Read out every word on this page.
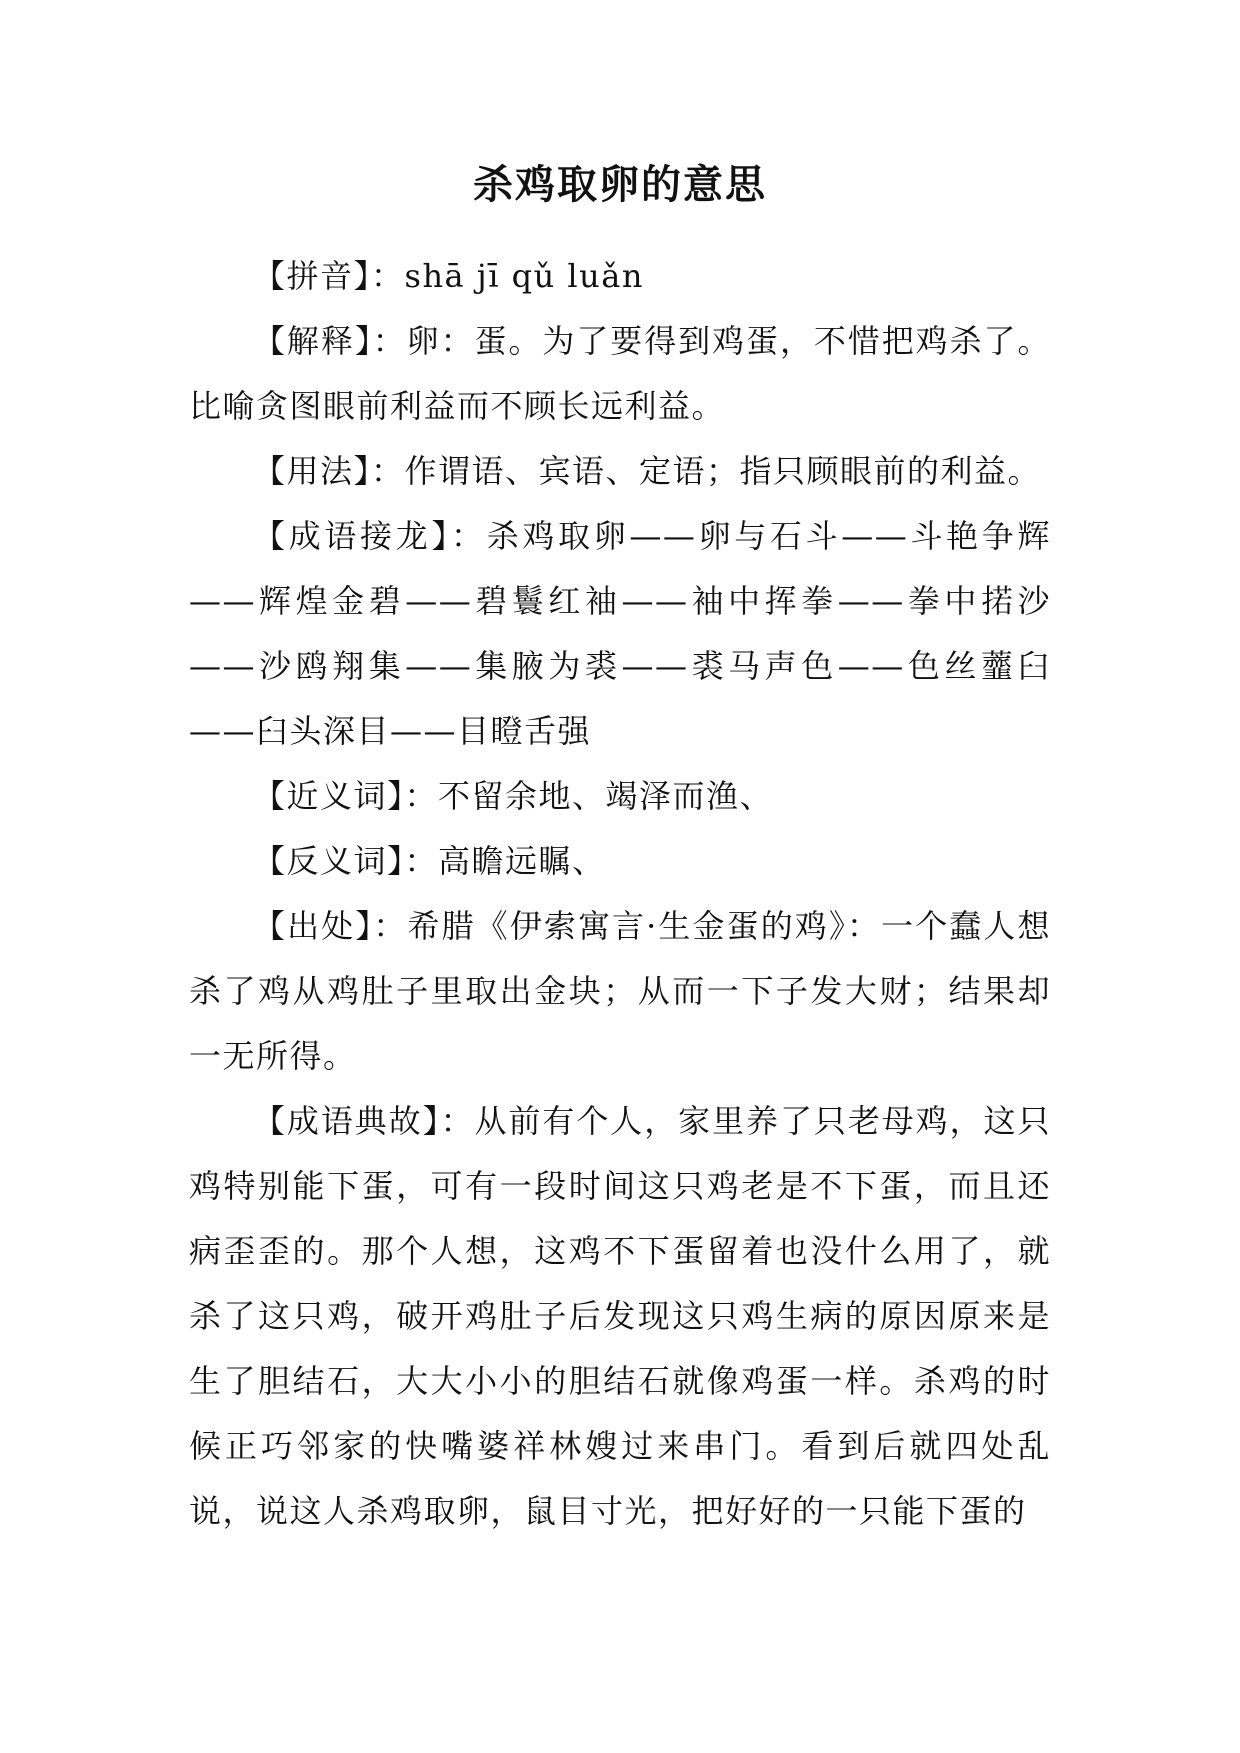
杀鸡取卵的意思

【拼音】：shā jī qǔ luǎn

【解释】：卵：蛋。为了要得到鸡蛋，不惜把鸡杀了。比喻贪图眼前利益而不顾长远利益。

【用法】：作谓语、宾语、定语；指只顾眼前的利益。

【成语接龙】：杀鸡取卵——卵与石斗——斗艳争辉——辉煌金碧——碧鬟红袖——袖中挥拳——拳中掿沙——沙鸥翔集——集腋为裘——裘马声色——色丝虀臼——臼头深目——目瞪舌强

【近义词】：不留余地、竭泽而渔、

【反义词】：高瞻远瞩、

【出处】：希腊《伊索寓言·生金蛋的鸡》：一个蠢人想杀了鸡从鸡肚子里取出金块；从而一下子发大财；结果却一无所得。

【成语典故】：从前有个人，家里养了只老母鸡，这只鸡特别能下蛋，可有一段时间这只鸡老是不下蛋，而且还病歪歪的。那个人想，这鸡不下蛋留着也没什么用了，就杀了这只鸡，破开鸡肚子后发现这只鸡生病的原因原来是生了胆结石，大大小小的胆结石就像鸡蛋一样。杀鸡的时候正巧邻家的快嘴婆祥林嫂过来串门。看到后就四处乱说，说这人杀鸡取卵，鼠目寸光，把好好的一只能下蛋的
